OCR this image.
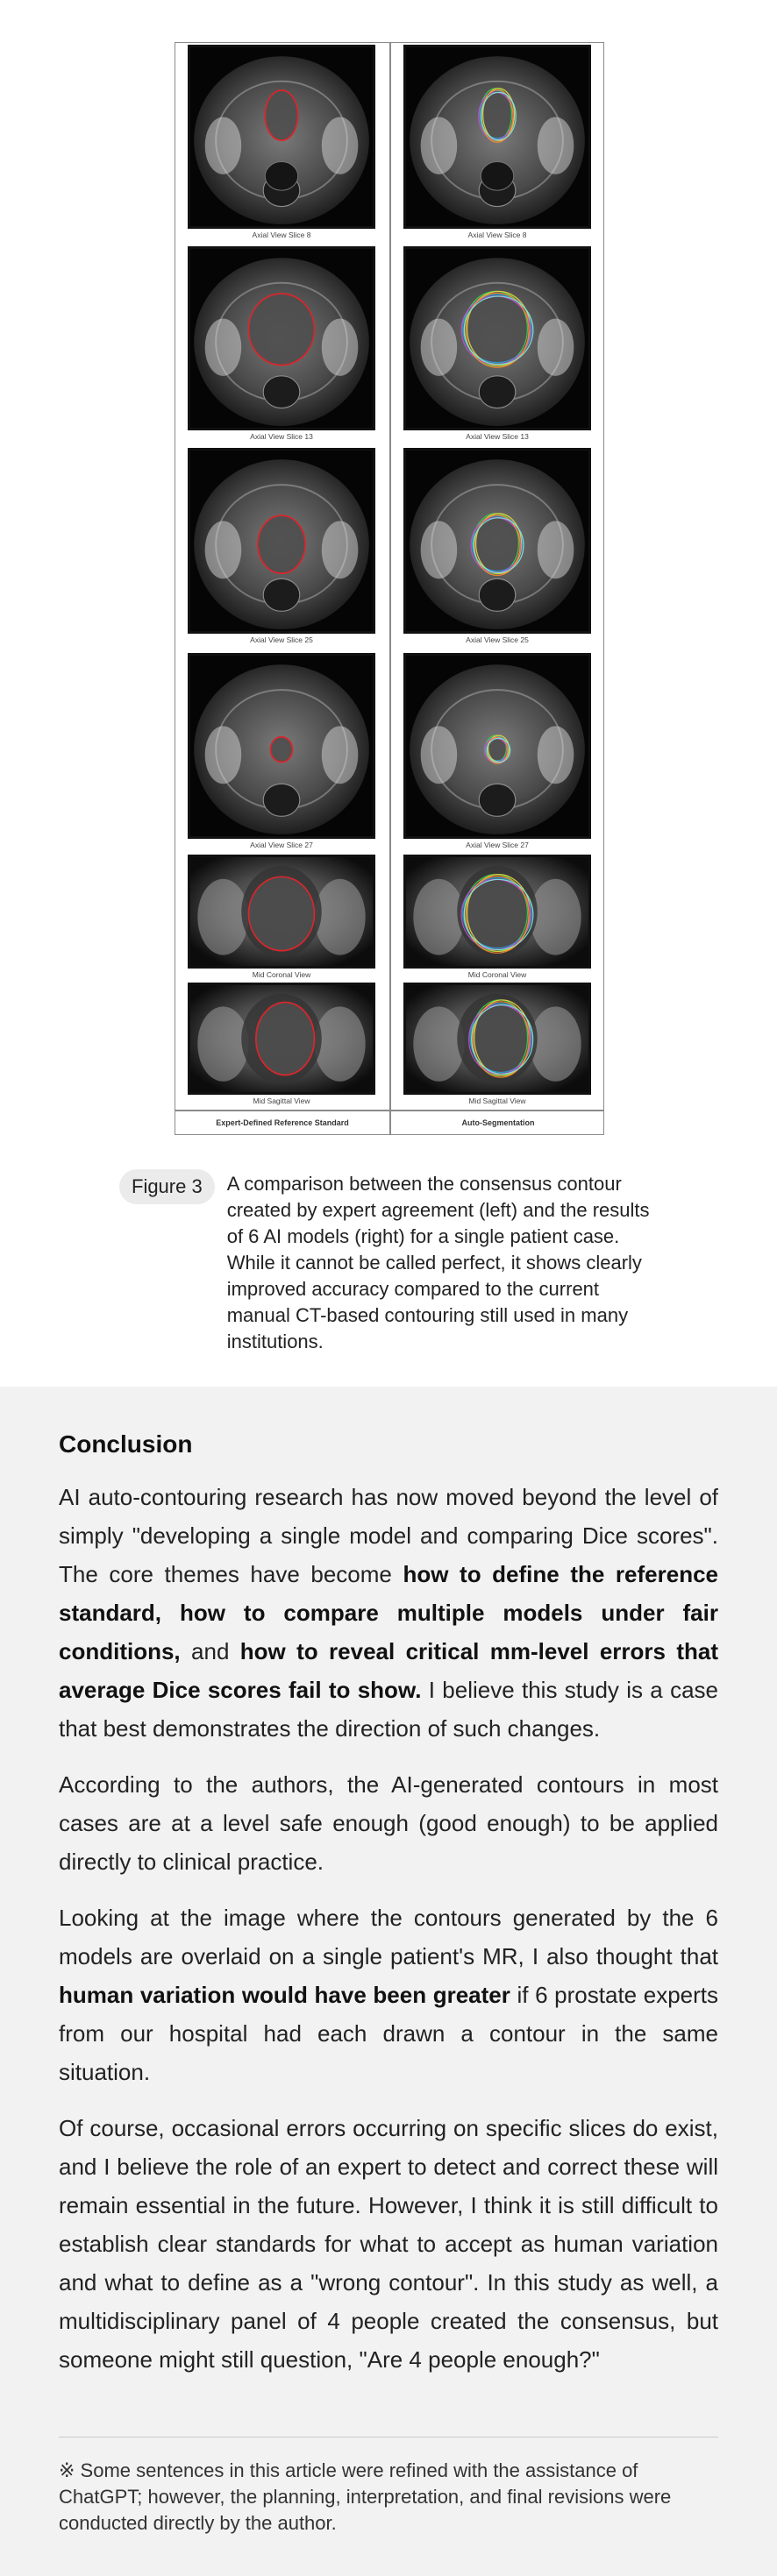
Axial View Slice 8	Axial View Slice 8
Axial View Slice 13	Axial View Slice 13
Axial View Slice 25	Axial View Slice 25
Axial View Slice 27	Axial View Slice 27
Mid Coronal View	Mid Coronal View
Mid Sagittal View	Mid Sagittal View
Expert-Defined Reference Standard	Auto-Segmentation
Figure 3	A comparison between the consensus contour created by expert agreement (left) and the results of 6 AI models (right) for a single patient case. While it cannot be called perfect, it shows clearly improved accuracy compared to the current manual CT-based contouring still used in many institutions.
Conclusion

AI auto-contouring research has now moved beyond the level of simply "developing a single model and comparing Dice scores". The core themes have become how to define the reference standard, how to compare multiple models under fair conditions, and how to reveal critical mm-level errors that average Dice scores fail to show. I believe this study is a case that best demonstrates the direction of such changes.

According to the authors, the AI-generated contours in most cases are at a level safe enough (good enough) to be applied directly to clinical practice.

Looking at the image where the contours generated by the 6 models are overlaid on a single patient's MR, I also thought that human variation would have been greater if 6 prostate experts from our hospital had each drawn a contour in the same situation.

Of course, occasional errors occurring on specific slices do exist, and I believe the role of an expert to detect and correct these will remain essential in the future. However, I think it is still difficult to establish clear standards for what to accept as human variation and what to define as a "wrong contour". In this study as well, a multidisciplinary panel of 4 people created the consensus, but someone might still question, "Are 4 people enough?"

※ Some sentences in this article were refined with the assistance of ChatGPT; however, the planning, interpretation, and final revisions were conducted directly by the author.
